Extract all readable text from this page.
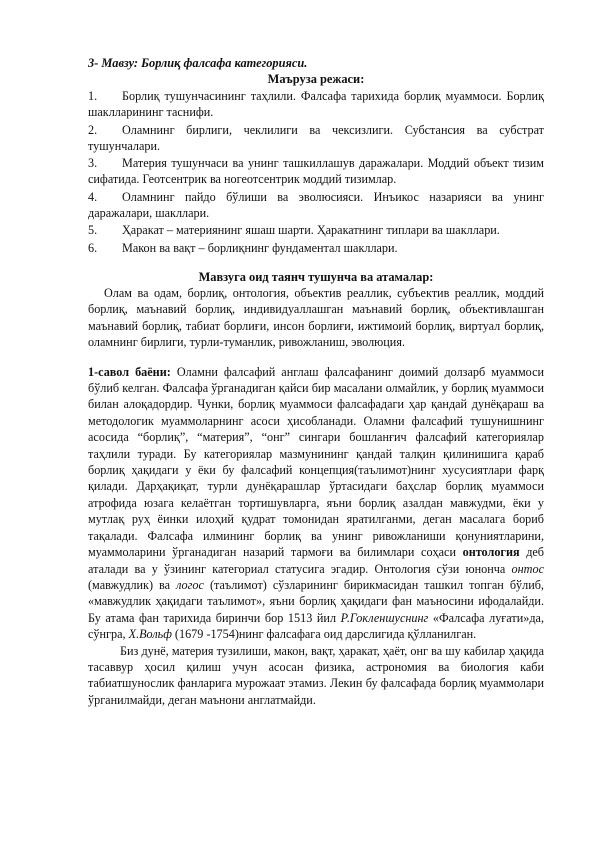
3- Мавзу: Борлиқ фалсафа категорияси.

Маърузa режаси:

1. Борлиқ тушунчасининг таҳлили. Фалсафа тарихида борлиқ муаммоси. Борлиқ шаклларининг таснифи.
2. Оламнинг бирлиги, чеклилиги ва чексизлиги. Субстансия ва субстрат тушунчалари.
3. Материя тушунчаси ва унинг ташкиллашув даражалари. Моддий объект тизим сифатида. Геотсентрик ва ногеотсентрик моддий тизимлар.
4. Оламнинг пайдо бўлиши ва эволюсияси. Инъикос назарияси ва унинг даражалари, шакллари.
5. Ҳаракат – материянинг яшаш шарти. Ҳаракатнинг типлари ва шакллари.
6. Макон ва вақт – борлиқнинг фундаментал шакллари.

Мавзуга оид таянч тушунча ва атамалар:

Олам ва одам, борлиқ, онтология, объектив реаллик, субъектив реаллик, моддий борлиқ, маънавий борлиқ, индивидуаллашган маънавий борлиқ, объективлашган маънавий борлиқ, табиат борлиғи, инсон борлиғи, ижтимоий борлиқ, виртуал борлиқ, оламнинг бирлиги, турли-туманлик, ривожланиш, эволюция.

1-савол баёни: Оламни фалсафий англаш фалсафанинг доимий долзарб муаммоси бўлиб келган. Фалсафа ўрганадиган қайси бир масалани олмайлик, у борлиқ муаммоси билан алоқадордир. Чунки, борлиқ муаммоси фалсафадаги ҳар қандай дунёқараш ва методологик муаммоларнинг асоси ҳисобланади. Оламни фалсафий тушунишнинг асосида “борлиқ”, “материя”, “онг” сингари бошланғич фалсафий категориялар таҳлили туради. Бу категориялар мазмунининг қандай талқин қилинишига қараб борлиқ ҳақидаги у ёки бу фалсафий концепция(таълимот)нинг хусусиятлари фарқ қилади. Дарҳақиқат, турли дунёқарашлар ўртасидаги баҳслар борлиқ муаммоси атрофида юзага келаётган тортишувларга, яъни борлиқ азалдан мавжудми, ёки у мутлақ руҳ ёинки илоҳий қудрат томонидан яратилганми, деган масалага бориб тақалади. Фалсафа илмининг борлиқ ва унинг ривожланиши қонуниятларини, муаммоларини ўрганадиган назарий тармоғи ва билимлари соҳаси онтология деб аталади ва у ўзининг категориал статусига эгадир. Онтология сўзи юнонча онтос (мавжудлик) ва логос (таълимот) сўзларининг бирикмасидан ташкил топган бўлиб, «мавжудлик ҳақидаги таълимот», яъни борлиқ ҳақидаги фан маъносини ифодалайди. Бу атама фан тарихида биринчи бор 1513 йил Р.Гокленшуснинг «Фалсафа луғати»да, сўнгра, Х.Вольф (1679 -1754)нинг фалсафага оид дарслигида қўлланилган.

Биз дунё, материя тузилиши, макон, вақт, ҳаракат, ҳаёт, онг ва шу кабилар ҳақида тасаввур ҳосил қилиш учун асосан физика, астрономия ва биология каби табиатшунослик фанларига мурожаат этамиз. Лекин бу фалсафада борлиқ муаммолари ўрганилмайди, деган маънони англатмайди.
